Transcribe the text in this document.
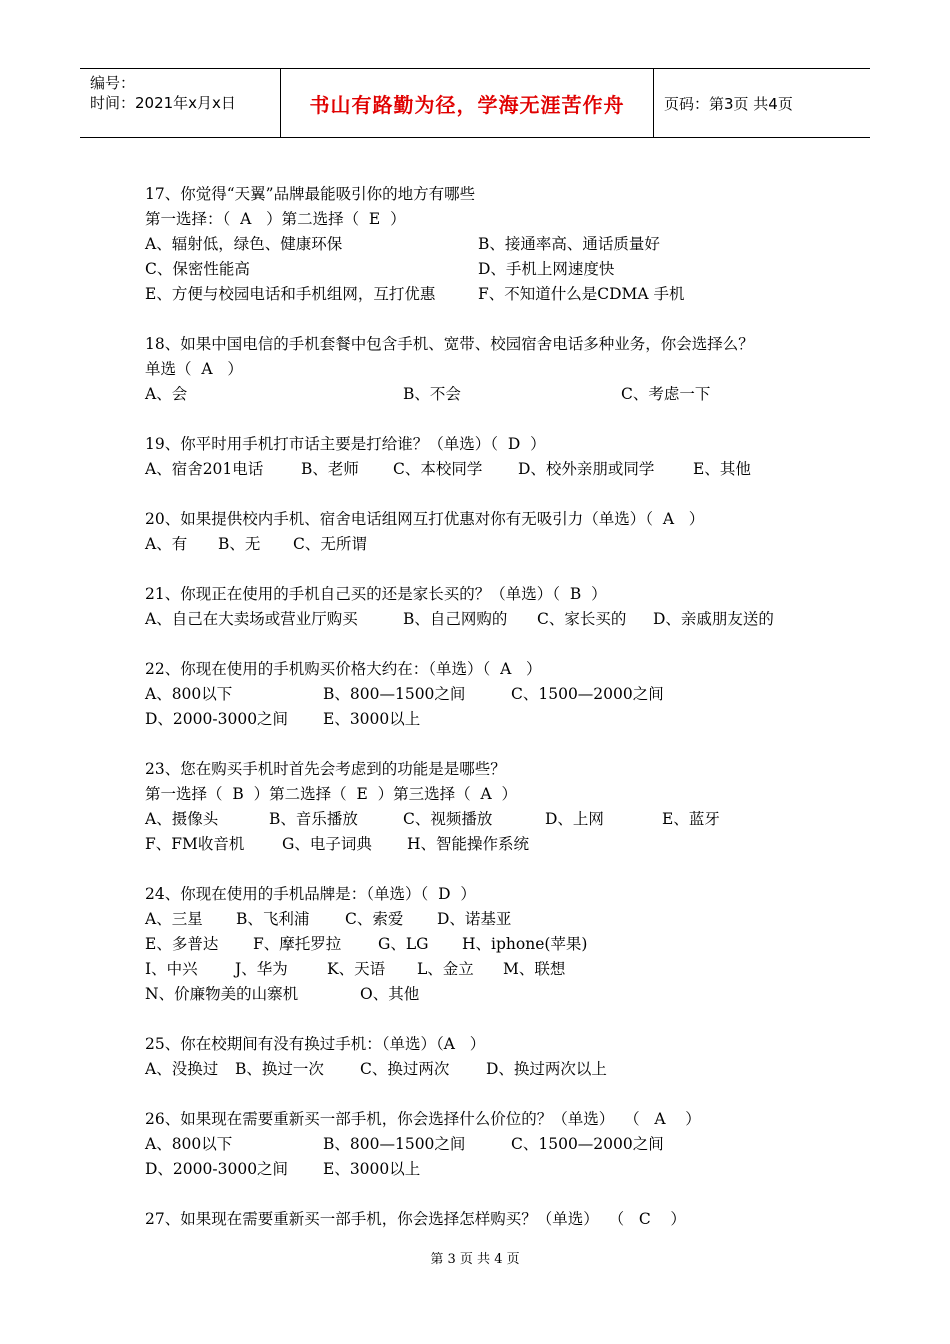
编号：
时间：2021年x月x日	书山有路勤为径，学海无涯苦作舟	页码：第3页 共4页
17、你觉得“天翼”品牌最能吸引你的地方有哪些
第一选择：（  A   ）第二选择（  E  ）
A、辐射低，绿色、健康环保	B、接通率高、通话质量好
C、保密性能高	D、手机上网速度快
E、方便与校园电话和手机组网，互打优惠	F、不知道什么是CDMA 手机
18、如果中国电信的手机套餐中包含手机、宽带、校园宿舍电话多种业务，你会选择么？
单选（  A   ）
A、会	B、不会	C、考虑一下
19、你平时用手机打市话主要是打给谁？（单选）（  D  ）
A、宿舍201电话 B、老师 C、本校同学 D、校外亲朋或同学 E、其他
20、如果提供校内手机、宿舍电话组网互打优惠对你有无吸引力（单选）（  A   ）
A、有 B、无 C、无所谓
21、你现正在使用的手机自己买的还是家长买的？（单选）（  B  ）
A、自己在大卖场或营业厅购买	B、自己网购的 C、家长买的 D、亲戚朋友送的
22、你现在使用的手机购买价格大约在：（单选）（  A   ）
A、800以下	B、800—1500之间	C、1500—2000之间
D、2000-3000之间 E、3000以上
23、您在购买手机时首先会考虑到的功能是是哪些？
第一选择（  B  ）第二选择（  E  ）第三选择（  A  ）
A、摄像头	B、音乐播放	C、视频播放	D、上网	E、蓝牙
F、FM收音机 G、电子词典 H、智能操作系统
24、你现在使用的手机品牌是：（单选）（  D  ）
A、三星 B、飞利浦 C、索爱 D、诺基亚
E、多普达 F、摩托罗拉 G、LG H、iphone(苹果)
I、中兴 J、华为	K、天语 L、金立 M、联想
N、价廉物美的山寨机	O、其他
25、你在校期间有没有换过手机：（单选）（A   ）
A、没换过 B、换过一次 C、换过两次 D、换过两次以上
26、如果现在需要重新买一部手机，你会选择什么价位的？（单选）  （   A    ）
A、800以下	B、800—1500之间	C、1500—2000之间
D、2000-3000之间 E、3000以上
27、如果现在需要重新买一部手机，你会选择怎样购买？（单选）  （   C    ）
第 3 页 共 4 页
